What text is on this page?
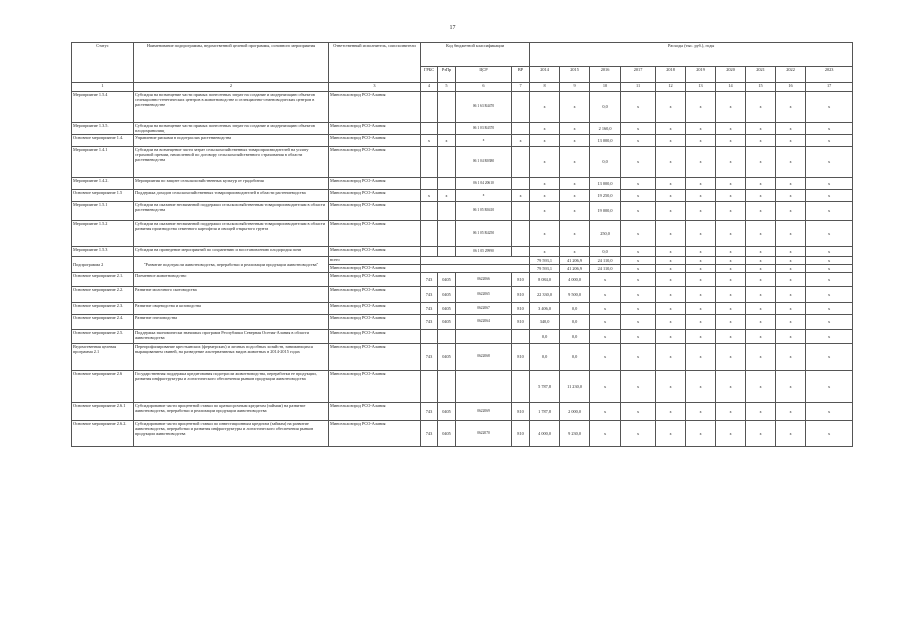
17
Статус	Наименование подпрограммы, ведомственной целевой программы, основного мероприятия	Ответственный исполнитель, соисполнители	Код бюджетной классификации				Расходы (тыс. руб.), годы									
			ГРБС	РзПр	ЦСР	ВР	2014	2015	2016	2017	2018	2019	2020	2021	2022	2023
1	2	3	4	5	6	7	8	9	10	11	12	13	14	15	16	17
Мероприятие 1.5.4	Субсидия на возмещение части прямых понесенных затрат на создание и модернизацию объектов селекционно-генетических центров в животноводстве и селекционно-семеноводческих центров в растениеводстве	Минсельхозпрод РСО-Алания			06 1 63 R4470		x	x	0,0	x	x	x	x	x	x	x
Мероприятие 1.3.5.	Субсидия на возмещение части прямых понесенных затрат на создание и модернизацию объектов плодохранилищ	Минсельхозпрод РСО-Алания			06 1 03 R4370		x	x	2 160,0	x	x	x	x	x	x	x
Основное мероприятие 1.4.	Управление рисками в подотраслях растениеводства	Минсельхозпрод РСО-Алания	x	x	x	x	x	x	13 000,0	x	x	x	x	x	x	x
Мероприятие 1.4.1	Субсидии на возмещение части затрат сельскохозяйственных товаропроизводителей на уплату страховой премии, начисленной по договору сельскохозяйственного страхования в области растениеводства	Минсельхозпрод РСО-Алания			06 1 04 R0380		x	x	0,0	x	x	x	x	x	x	x
Мероприятие 1.4.2.	Мероприятия по защите сельскохозяйственных культур от градобития	Минсельхозпрод РСО-Алания			06 1 04 20610		x	x	13 000,0	x	x	x	x	x	x	x
Основное мероприятие 1.5	Поддержка доходов сельскохозяйственных товаропроизводителей в области растениеводства	Минсельхозпрод РСО-Алания	x	x	x	x	x	x	19 250,0	x	x	x	x	x	x	x
Мероприятие 1.5.1	Субсидии на оказание несвязанной поддержки сельскохозяйственным товаропроизводителям в области растениеводства	Минсельхозпрод РСО-Алания			06 1 05 R0410		x	x	19 000,0	x	x	x	x	x	x	x
Мероприятие 1.5.2	Субсидии на оказание несвязанной поддержки сельскохозяйственным товаропроизводителям в области развития производства семенного картофеля и овощей открытого грунта	Минсельхозпрод РСО-Алания			06 1 05 R4250		x	x	250,0	x	x	x	x	x	x	x
Мероприятие 1.5.3	Субсидии на проведение мероприятий по сохранению и восстановлению плодородия почв	Минсельхозпрод РСО-Алания			06 1 05 29990		x	x	0,0	x	x	x	x	x	x	x
Подпрограмма 2	"Развитие подотрасли животноводства, переработки и реализации продукции животноводства"	всего					79 593,1	41 206,9	24 110,0	x	x	x	x	x	x	x
		Минсельхозпрод РСО-Алания					79 593,1	41 206,9	24 110,0	x	x	x	x	x	x	x
Основное мероприятие 2.1.	Племенное животноводство	Минсельхозпрод РСО-Алания	743	0405	0622066	810	8 084,0	4 000,0	x	x	x	x	x	x	x	x
Основное мероприятие 2.2.	Развитие молочного скотоводства	Минсельхозпрод РСО-Алания	743	0405	0622065	810	22 330,0	9 500,0	x	x	x	x	x	x	x	x
Основное мероприятие 2.3.	Развитие овцеводства и козоводства	Минсельхозпрод РСО-Алания	743	0405	0622067	810	3 406,0	0,0	x	x	x	x	x	x	x	x
Основное мероприятие 2.4.	Развитие пчеловодства	Минсельхозпрод РСО-Алания	743	0405	0622064	810	340,0	0,0	x	x	x	x	x	x	x	x
Основное мероприятие 2.5.	Поддержка экономически значимых программ Республики Северная Осетия-Алания в области животноводства	Минсельхозпрод РСО-Алания					0,0	0,0	x	x	x	x	x	x	x	x
Ведомственная целевая программа 2.1	Перепрофилирование крестьянских (фермерских) и личных подсобных хозяйств, занимающихся выращиванием свиней, на разведение альтернативных видов животных в 2014-2015 годах	Минсельхозпрод РСО-Алания	743	0405	0622068	810	0,0	0,0	x	x	x	x	x	x	x	x
Основное мероприятие 2.6	Государственная поддержка кредитования подотрасли животноводства, переработки ее продукции, развития инфраструктуры и логистического обеспечения рынков продукции животноводства	Минсельхозпрод РСО-Алания					5 787,8	11 230,0	x	x	x	x	x	x	x	x
Основное мероприятие 2.6.1	Субсидирование части процентной ставки по краткосрочным кредитам (займам) на развитие животноводства, переработки и реализации продукции животноводства	Минсельхозпрод РСО-Алания	743	0405	0622069	810	1 787,8	2 000,0	x	x	x	x	x	x	x	x
Основное мероприятие 2.6.2.	Субсидирование части процентной ставки по инвестиционным кредитам (займам) на развитие животноводства, переработки и развития инфраструктуры и логистического обеспечения рынков продукции животноводства	Минсельхозпрод РСО-Алания	743	0405	0622070	810	4 000,0	9 230,0	x	x	x	x	x	x	x	x
